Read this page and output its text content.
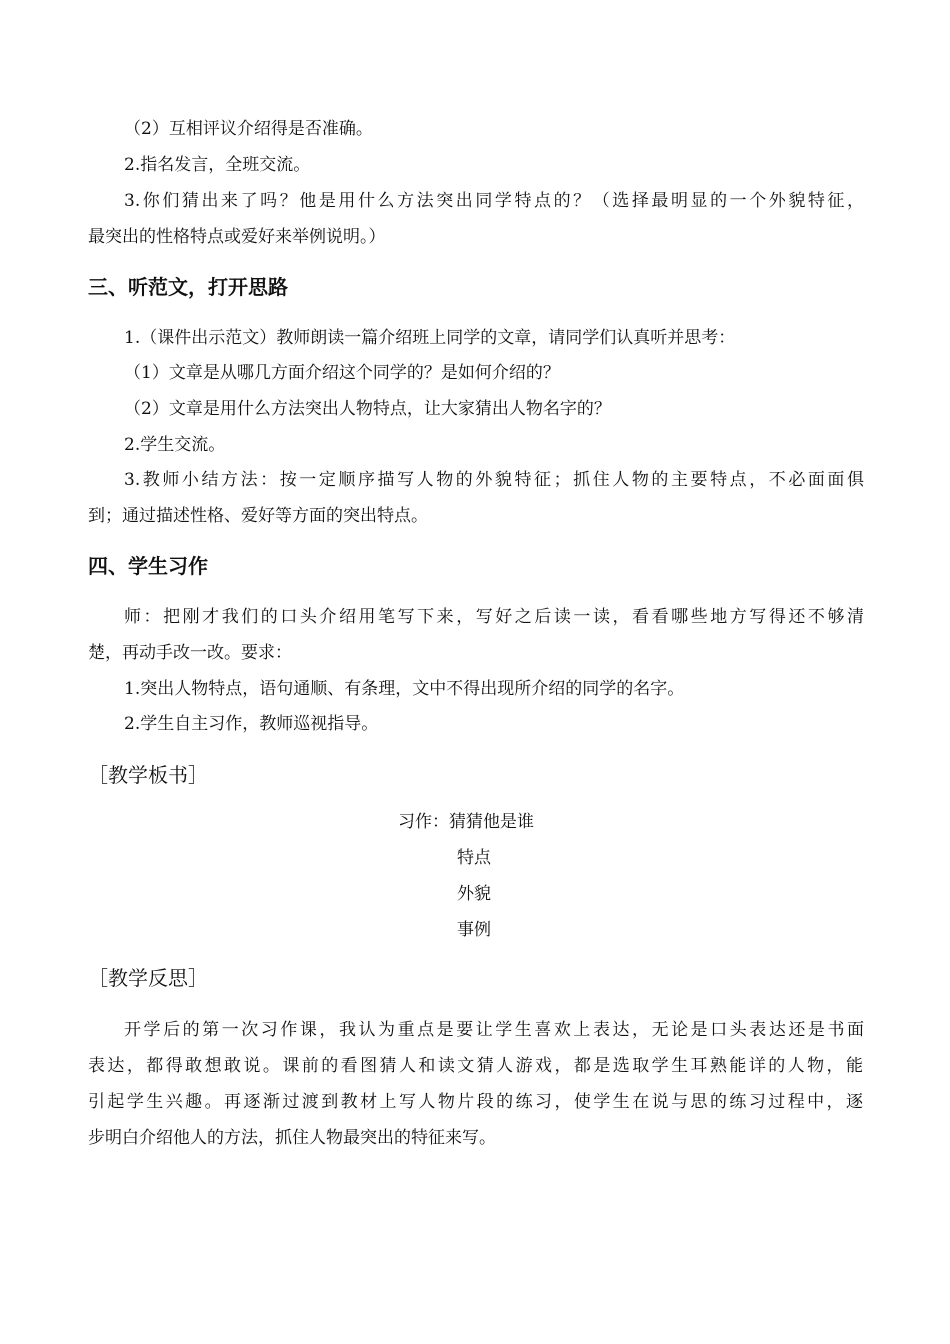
（2）互相评议介绍得是否准确。
2.指名发言，全班交流。
3.你们猜出来了吗？他是用什么方法突出同学特点的？（选择最明显的一个外貌特征，
最突出的性格特点或爱好来举例说明。）
三、听范文，打开思路
1.（课件出示范文）教师朗读一篇介绍班上同学的文章，请同学们认真听并思考：
（1）文章是从哪几方面介绍这个同学的？是如何介绍的？
（2）文章是用什么方法突出人物特点，让大家猜出人物名字的？
2.学生交流。
3.教师小结方法：按一定顺序描写人物的外貌特征；抓住人物的主要特点，不必面面俱
到；通过描述性格、爱好等方面的突出特点。
四、学生习作
师：把刚才我们的口头介绍用笔写下来，写好之后读一读，看看哪些地方写得还不够清
楚，再动手改一改。要求：
1.突出人物特点，语句通顺、有条理，文中不得出现所介绍的同学的名字。
2.学生自主习作，教师巡视指导。
［教学板书］
习作：猜猜他是谁
特点
外貌
事例
［教学反思］
开学后的第一次习作课，我认为重点是要让学生喜欢上表达，无论是口头表达还是书面
表达，都得敢想敢说。课前的看图猜人和读文猜人游戏，都是选取学生耳熟能详的人物，能
引起学生兴趣。再逐渐过渡到教材上写人物片段的练习，使学生在说与思的练习过程中，逐
步明白介绍他人的方法，抓住人物最突出的特征来写。
